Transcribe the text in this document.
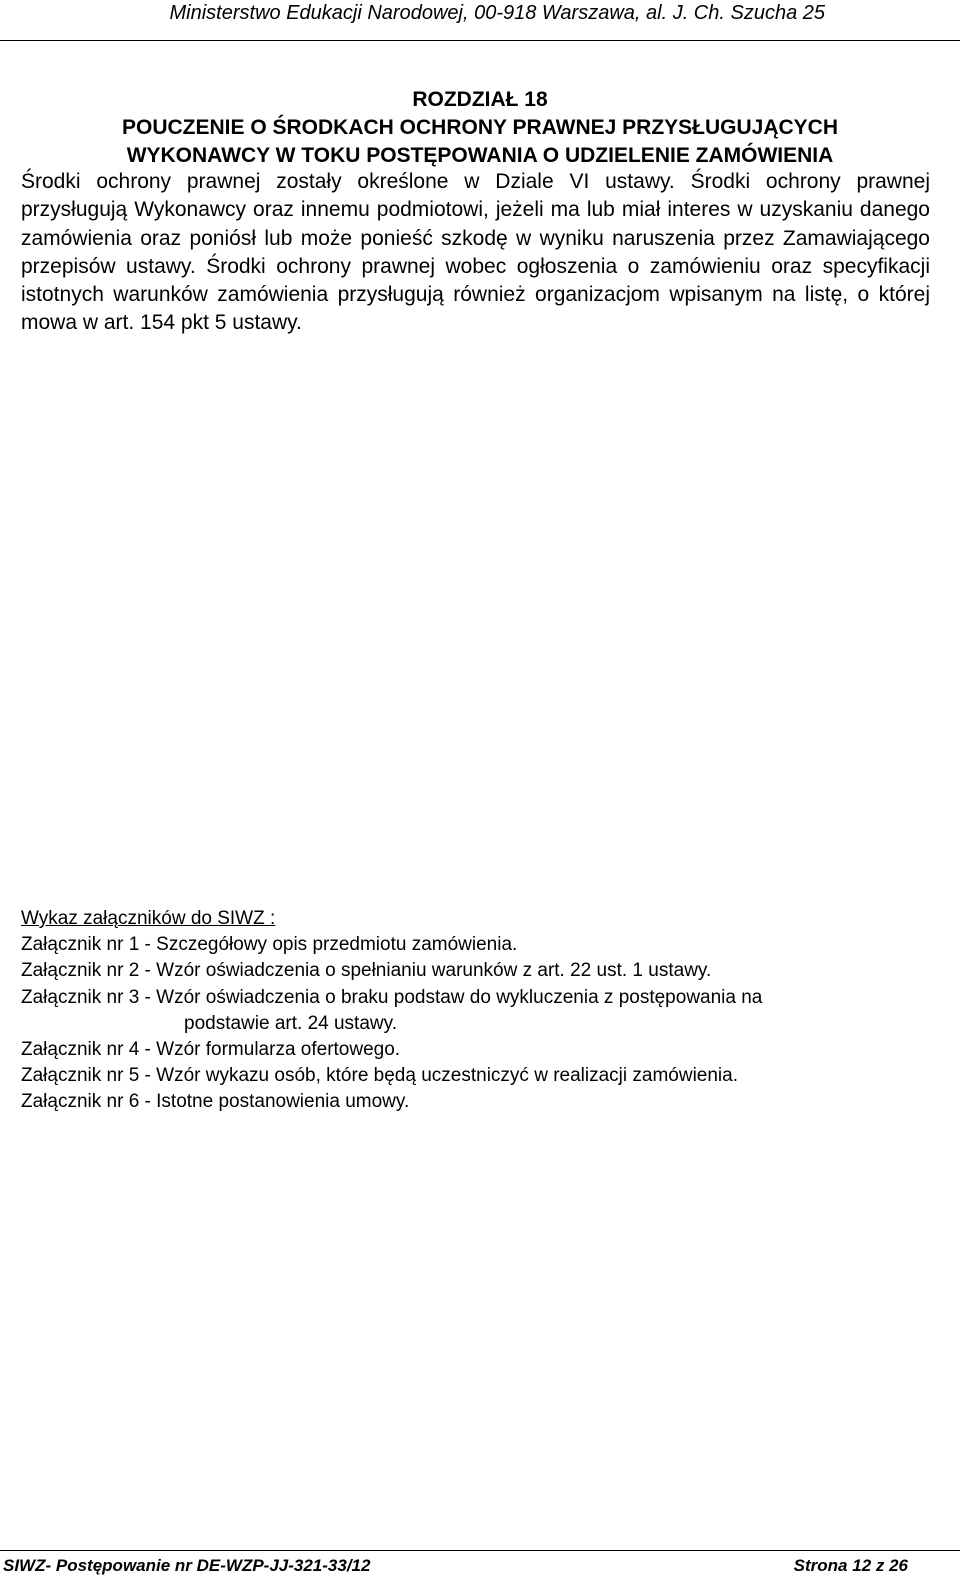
Ministerstwo Edukacji Narodowej, 00-918 Warszawa, al. J. Ch. Szucha 25
ROZDZIAŁ 18
POUCZENIE O ŚRODKACH OCHRONY PRAWNEJ PRZYSŁUGUJĄCYCH
WYKONAWCY W TOKU POSTĘPOWANIA O UDZIELENIE ZAMÓWIENIA
Środki ochrony prawnej zostały określone w Dziale VI ustawy. Środki ochrony prawnej przysługują Wykonawcy oraz innemu podmiotowi, jeżeli ma lub miał interes w uzyskaniu danego zamówienia oraz poniósł lub może ponieść szkodę w wyniku naruszenia przez Zamawiającego przepisów ustawy. Środki ochrony prawnej wobec ogłoszenia o zamówieniu oraz specyfikacji istotnych warunków zamówienia przysługują również organizacjom wpisanym na listę, o której mowa w art. 154 pkt 5 ustawy.
Wykaz załączników do SIWZ :
Załącznik nr 1 - Szczegółowy opis przedmiotu zamówienia.
Załącznik nr 2 - Wzór oświadczenia o spełnianiu warunków z art. 22 ust. 1 ustawy.
Załącznik nr 3 - Wzór oświadczenia o braku podstaw do wykluczenia z postępowania na
podstawie art. 24 ustawy.
Załącznik nr 4 - Wzór formularza ofertowego.
Załącznik nr 5 - Wzór wykazu osób, które będą uczestniczyć w realizacji zamówienia.
Załącznik nr 6 - Istotne postanowienia umowy.
SIWZ- Postępowanie nr DE-WZP-JJ-321-33/12	Strona 12 z 26
